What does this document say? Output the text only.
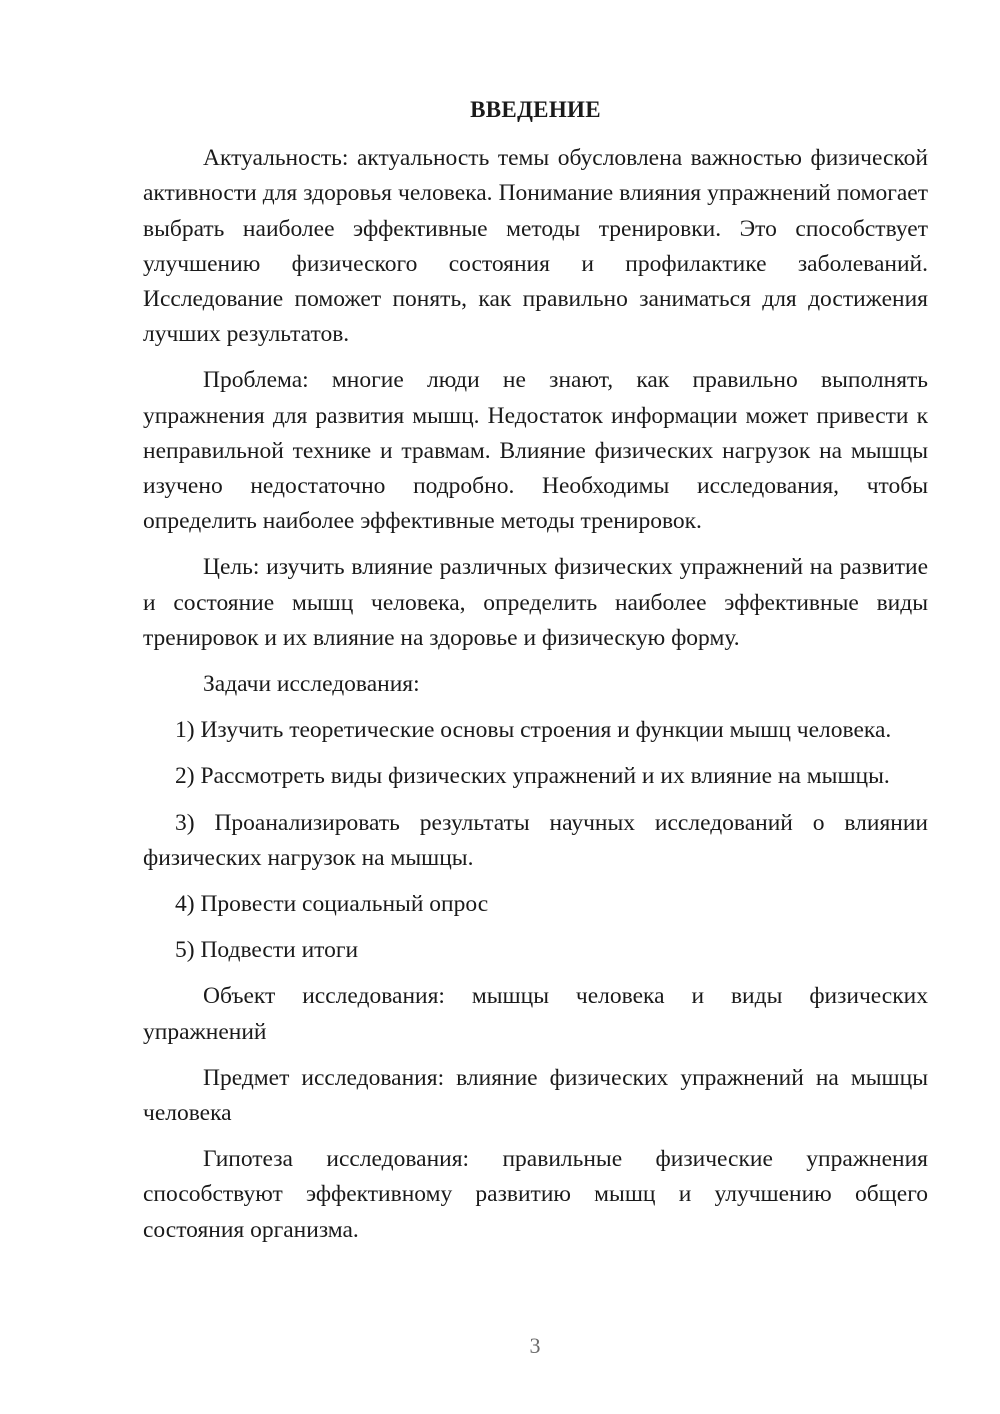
ВВЕДЕНИЕ

Актуальность: актуальность темы обусловлена важностью физической активности для здоровья человека. Понимание влияния упражнений помогает выбрать наиболее эффективные методы тренировки. Это способствует улучшению физического состояния и профилактике заболеваний. Исследование поможет понять, как правильно заниматься для достижения лучших результатов.

Проблема: многие люди не знают, как правильно выполнять упражнения для развития мышц. Недостаток информации может привести к неправильной технике и травмам. Влияние физических нагрузок на мышцы изучено недостаточно подробно. Необходимы исследования, чтобы определить наиболее эффективные методы тренировок.

Цель: изучить влияние различных физических упражнений на развитие и состояние мышц человека, определить наиболее эффективные виды тренировок и их влияние на здоровье и физическую форму.

Задачи исследования:

1) Изучить теоретические основы строения и функции мышц человека.

2) Рассмотреть виды физических упражнений и их влияние на мышцы.

3) Проанализировать результаты научных исследований о влиянии физических нагрузок на мышцы.

4) Провести социальный опрос

5) Подвести итоги

Объект исследования: мышцы человека и виды физических упражнений

Предмет исследования: влияние физических упражнений на мышцы человека

Гипотеза исследования: правильные физические упражнения способствуют эффективному развитию мышц и улучшению общего состояния организма.

3
